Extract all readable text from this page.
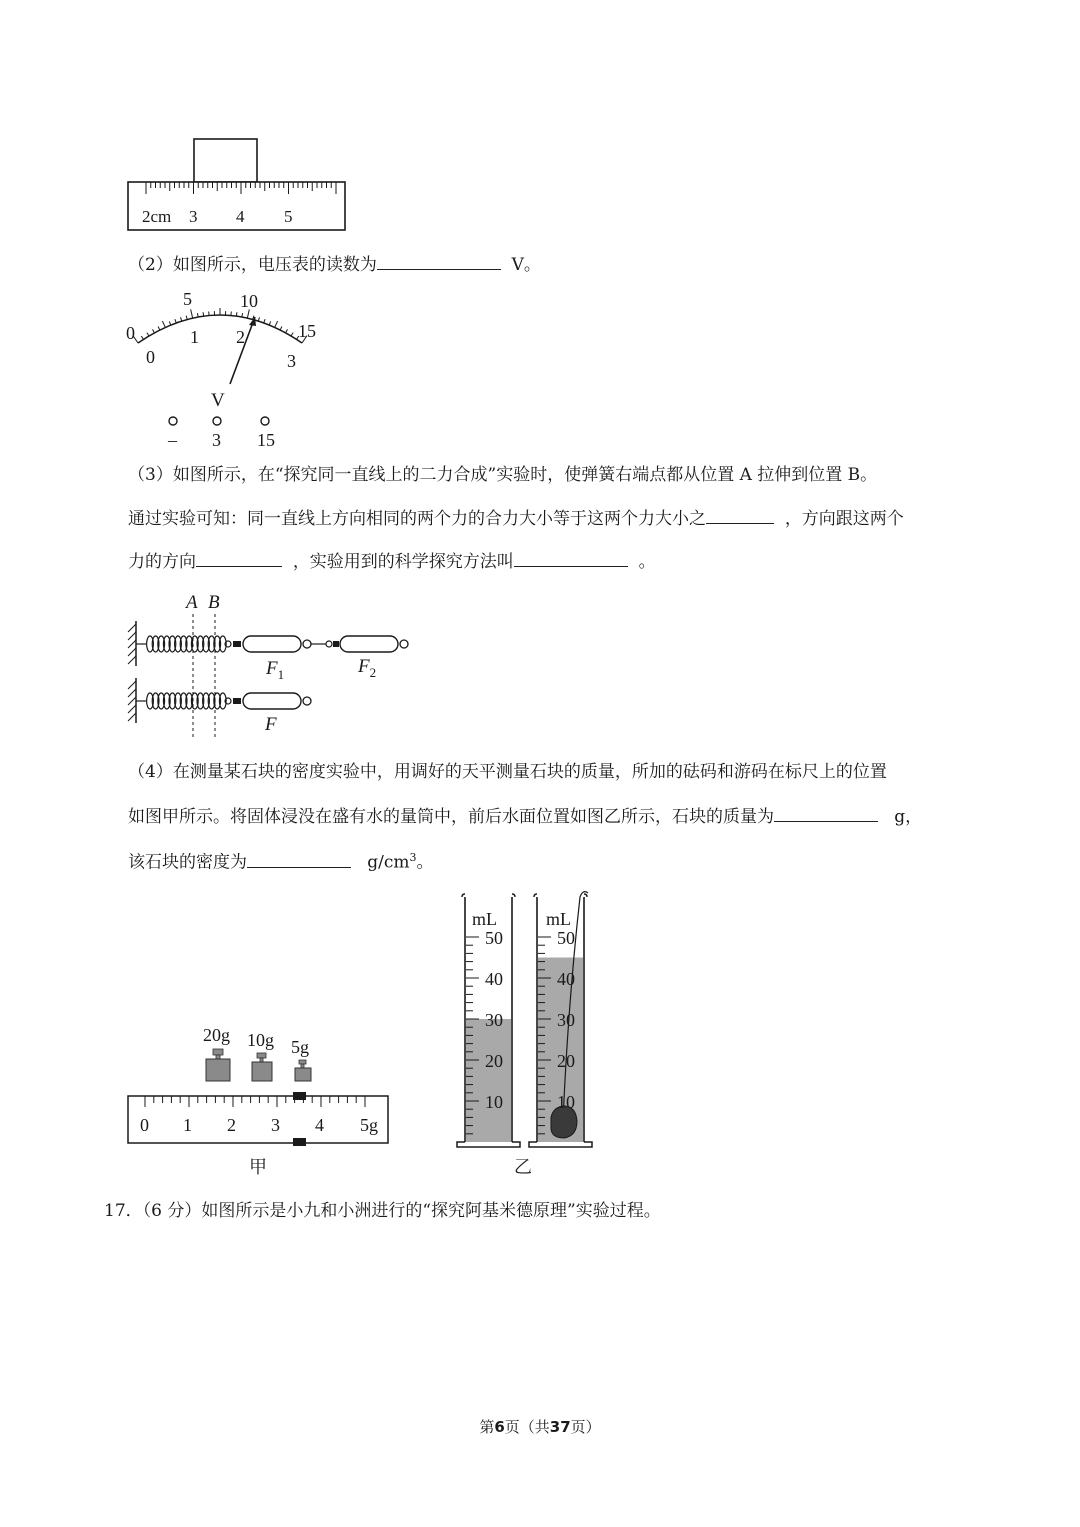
2cm 3 4 5
（2）如图所示，电压表的读数为	V。
0
5	10
15
0
1 2
3
V
– 3 15
（3）如图所示，在“探究同一直线上的二力合成”实验时，使弹簧右端点都从位置 A 拉伸到位置 B。
通过实验可知：同一直线上方向相同的两个力的合力大小等于这两个力大小之	，方向跟这两个
力的方向	，实验用到的科学探究方法叫	。
A B
$F_1$	$F_2$
F
（4）在测量某石块的密度实验中，用调好的天平测量石块的质量，所加的砝码和游码在标尺上的位置
如图甲所示。将固体浸没在盛有水的量筒中，前后水面位置如图乙所示，石块的质量为	g，
该石块的密度为	$g/cm^3$。
20g 10g 5g
0 1 2 3 4 5g
甲
mL
50
40
30
20
10
mL
50
40
30
20
10
乙
17．（6 分）如图所示是小九和小洲进行的“探究阿基米德原理”实验过程。
第6页（共37页）
